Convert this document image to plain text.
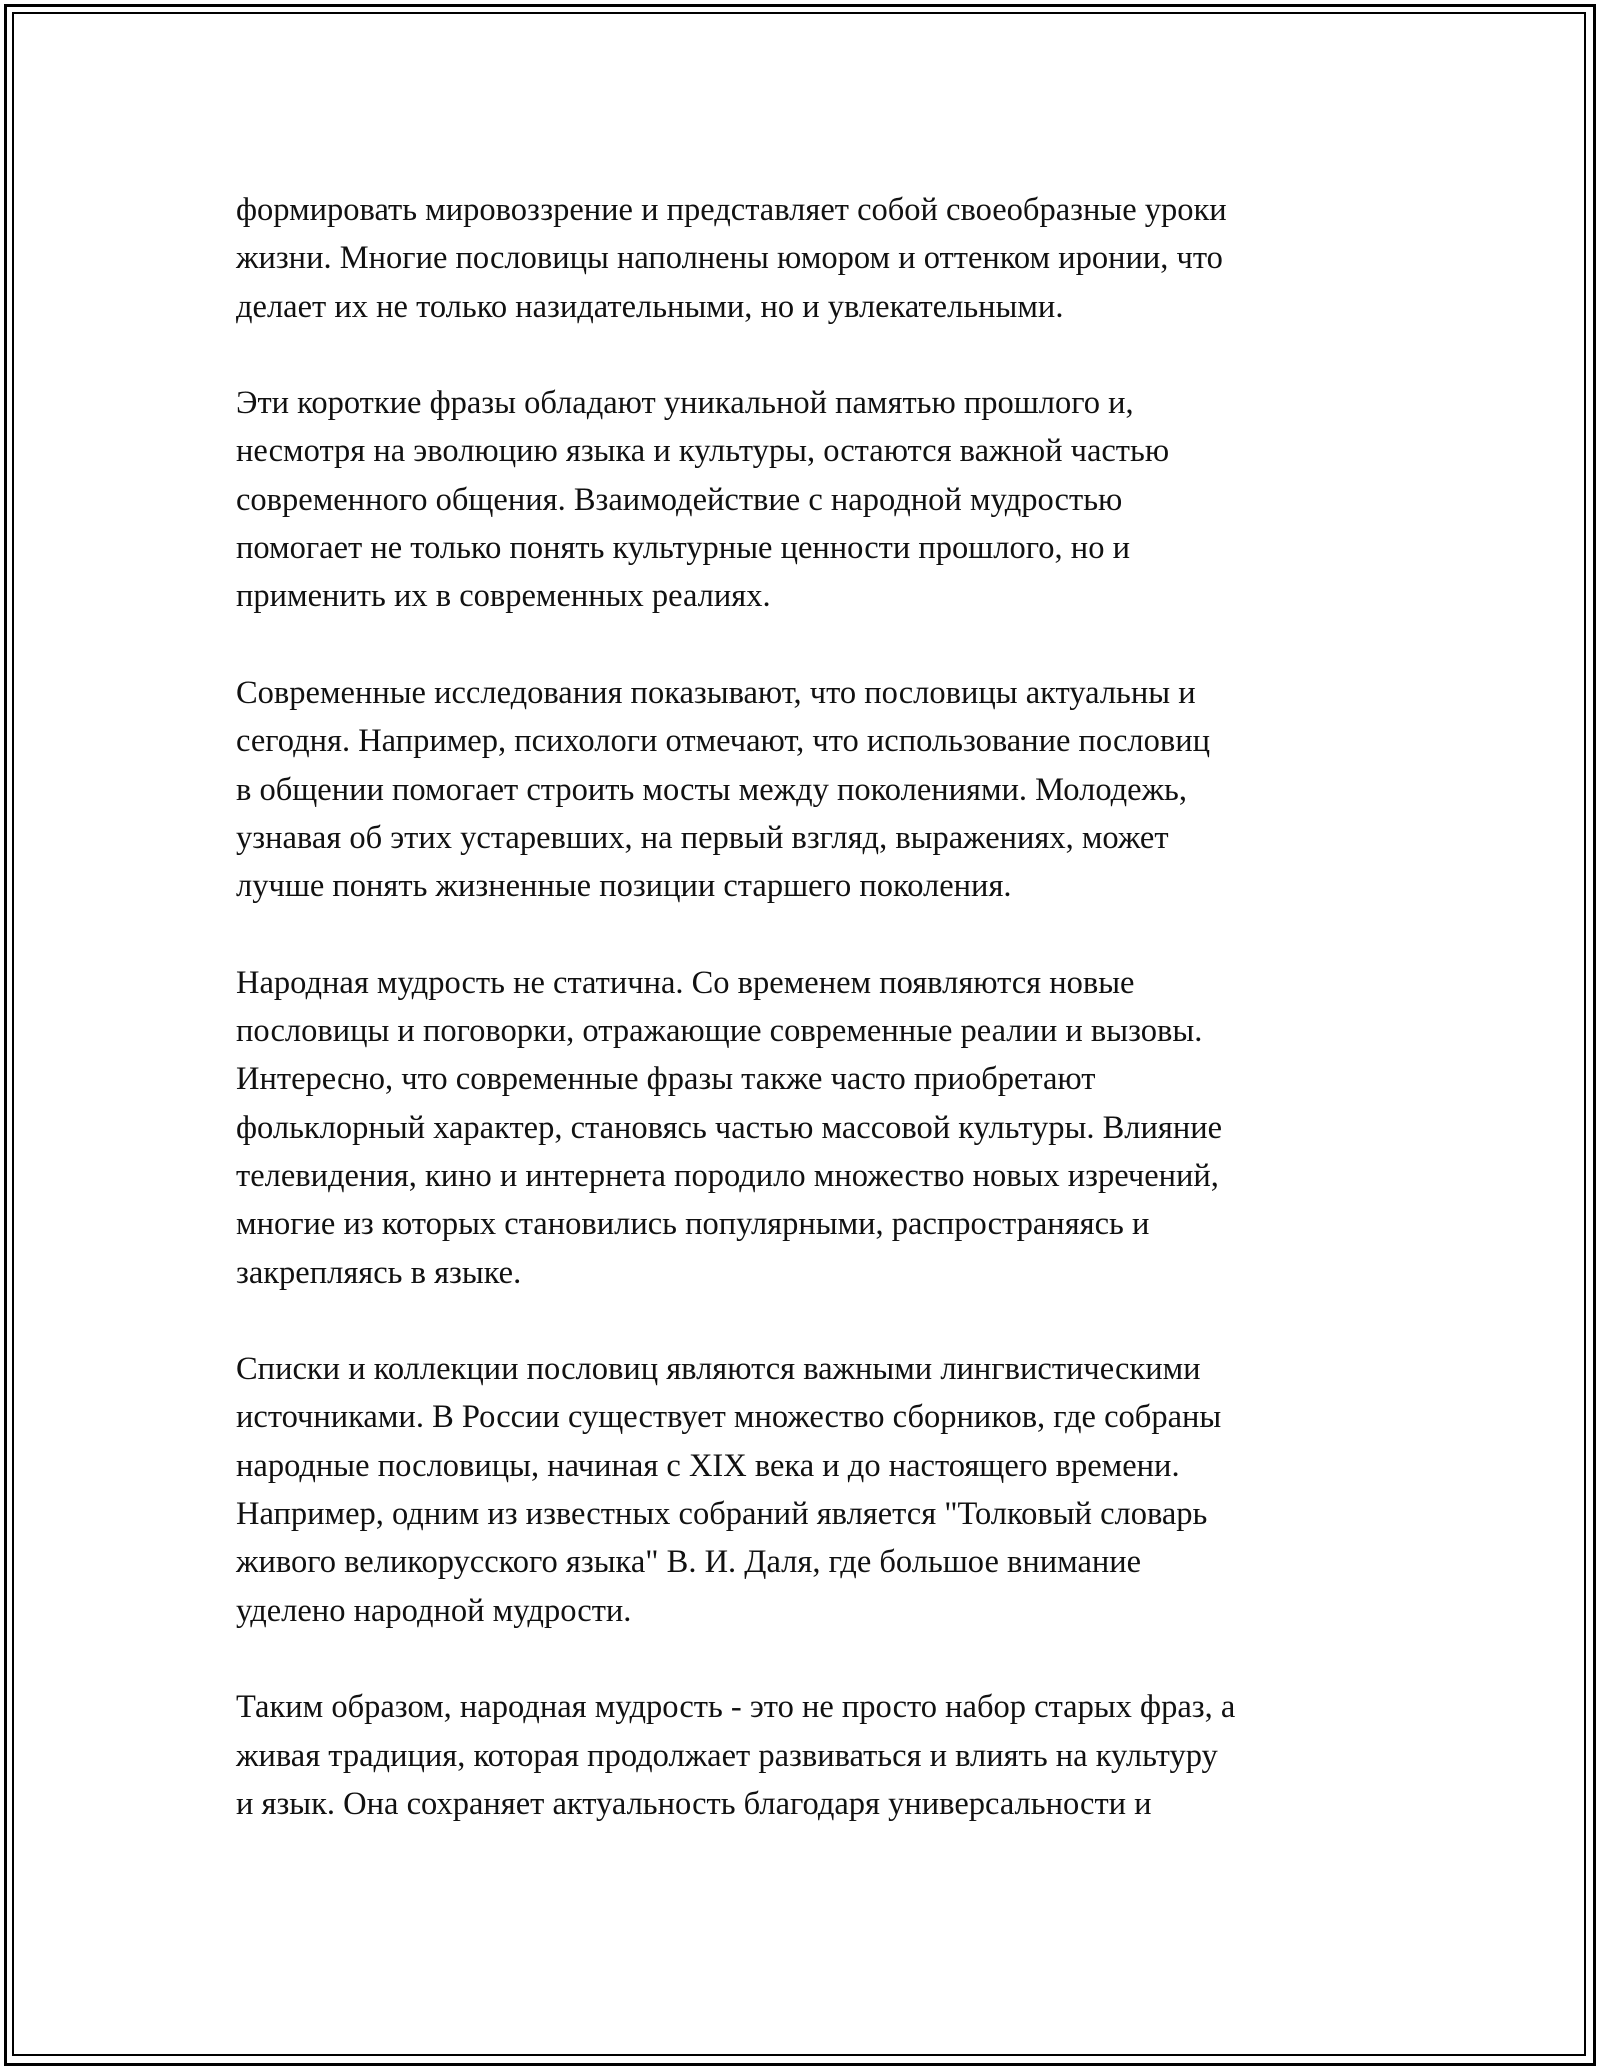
формировать мировоззрение и представляет собой своеобразные уроки
жизни. Многие пословицы наполнены юмором и оттенком иронии, что
делает их не только назидательными, но и увлекательными.
Эти короткие фразы обладают уникальной памятью прошлого и,
несмотря на эволюцию языка и культуры, остаются важной частью
современного общения. Взаимодействие с народной мудростью
помогает не только понять культурные ценности прошлого, но и
применить их в современных реалиях.
Современные исследования показывают, что пословицы актуальны и
сегодня. Например, психологи отмечают, что использование пословиц
в общении помогает строить мосты между поколениями. Молодежь,
узнавая об этих устаревших, на первый взгляд, выражениях, может
лучше понять жизненные позиции старшего поколения.
Народная мудрость не статична. Со временем появляются новые
пословицы и поговорки, отражающие современные реалии и вызовы.
Интересно, что современные фразы также часто приобретают
фольклорный характер, становясь частью массовой культуры. Влияние
телевидения, кино и интернета породило множество новых изречений,
многие из которых становились популярными, распространяясь и
закрепляясь в языке.
Списки и коллекции пословиц являются важными лингвистическими
источниками. В России существует множество сборников, где собраны
народные пословицы, начиная с XIX века и до настоящего времени.
Например, одним из известных собраний является "Толковый словарь
живого великорусского языка" В. И. Даля, где большое внимание
уделено народной мудрости.
Таким образом, народная мудрость - это не просто набор старых фраз, а
живая традиция, которая продолжает развиваться и влиять на культуру
и язык. Она сохраняет актуальность благодаря универсальности и
